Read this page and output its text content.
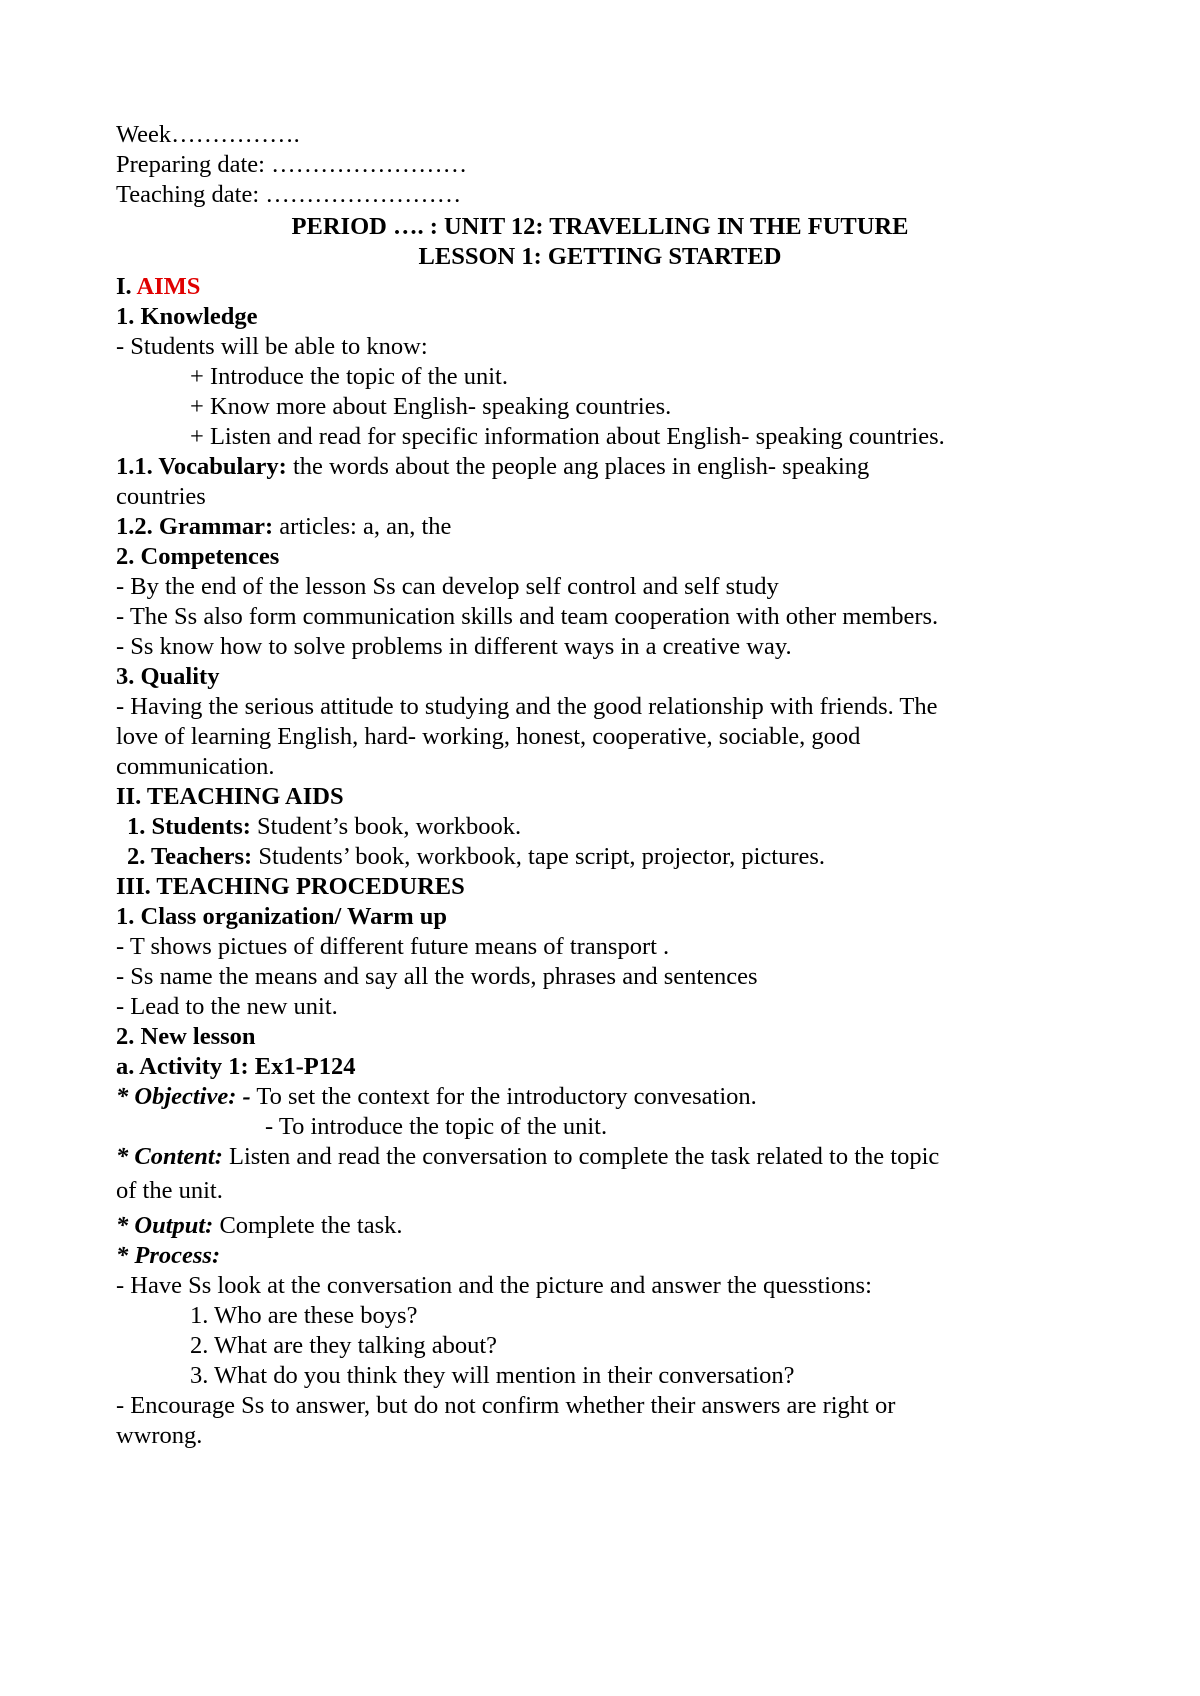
Week…………….
Preparing date: ……………………
Teaching date: ……………………
PERIOD …. : UNIT 12: TRAVELLING IN THE FUTURE
LESSON 1: GETTING STARTED
I. AIMS
1. Knowledge
- Students will be able to know:
+ Introduce the topic of the unit.
+ Know more about English- speaking countries.
+ Listen and read for specific information about English- speaking countries.
1.1. Vocabulary: the words about the people ang places in english- speaking
countries
1.2. Grammar: articles: a, an, the
2. Competences
- By the end of the lesson Ss can develop self control and self study
- The Ss also form communication skills and team cooperation with other members.
- Ss know how to solve problems in different ways in a creative way.
3. Quality
- Having the serious attitude to studying and the good relationship with friends. The
love of learning English, hard- working, honest, cooperative, sociable, good
communication.
II. TEACHING AIDS
1. Students: Student’s book, workbook.
2. Teachers: Students’ book, workbook, tape script, projector, pictures.
III. TEACHING PROCEDURES
1. Class organization/ Warm up
- T shows pictues of different future means of transport .
- Ss name the means and say all the words, phrases and sentences
- Lead to the new unit.
2. New lesson
a. Activity 1: Ex1-P124
* Objective: - To set the context for the introductory convesation.
- To introduce the topic of the unit.
* Content: Listen and read the conversation to complete the task related to the topic
of the unit.
* Output: Complete the task.
* Process:
- Have Ss look at the conversation and the picture and answer the quesstions:
1. Who are these boys?
2. What are they talking about?
3. What do you think they will mention in their conversation?
- Encourage Ss to answer, but do not confirm whether their answers are right or
wwrong.
